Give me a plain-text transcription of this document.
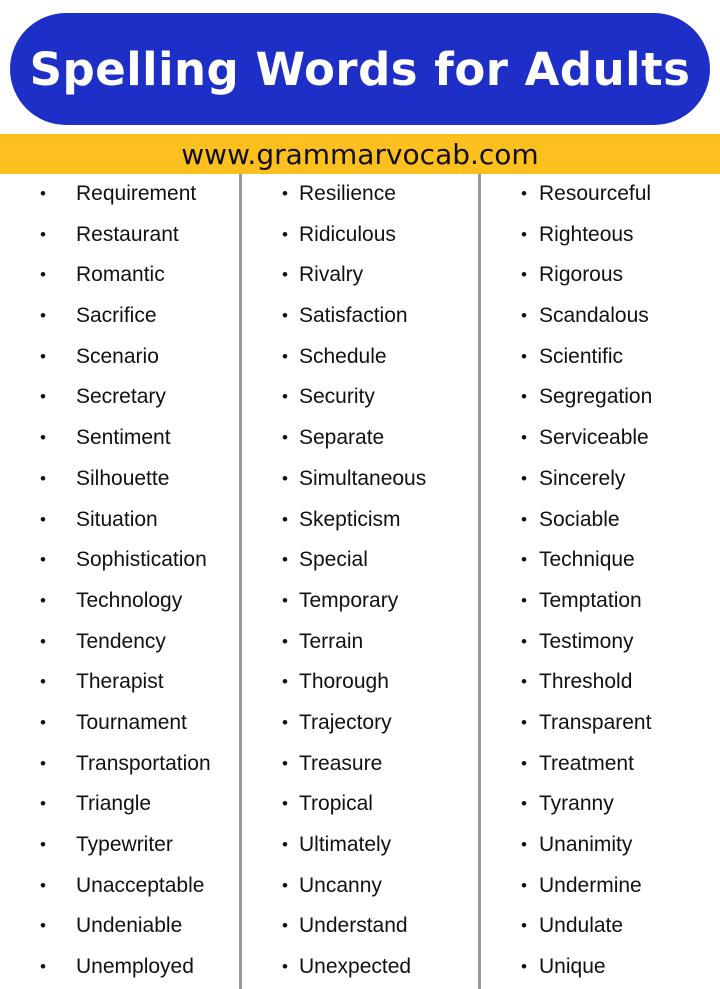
Spelling Words for Adults
www.grammarvocab.com
• Requirement
• Restaurant
• Romantic
• Sacrifice
• Scenario
• Secretary
• Sentiment
• Silhouette
• Situation
• Sophistication
• Technology
• Tendency
• Therapist
• Tournament
• Transportation
• Triangle
• Typewriter
• Unacceptable
• Undeniable
• Unemployed
• Resilience
• Ridiculous
• Rivalry
• Satisfaction
• Schedule
• Security
• Separate
• Simultaneous
• Skepticism
• Special
• Temporary
• Terrain
• Thorough
• Trajectory
• Treasure
• Tropical
• Ultimately
• Uncanny
• Understand
• Unexpected
• Resourceful
• Righteous
• Rigorous
• Scandalous
• Scientific
• Segregation
• Serviceable
• Sincerely
• Sociable
• Technique
• Temptation
• Testimony
• Threshold
• Transparent
• Treatment
• Tyranny
• Unanimity
• Undermine
• Undulate
• Unique
